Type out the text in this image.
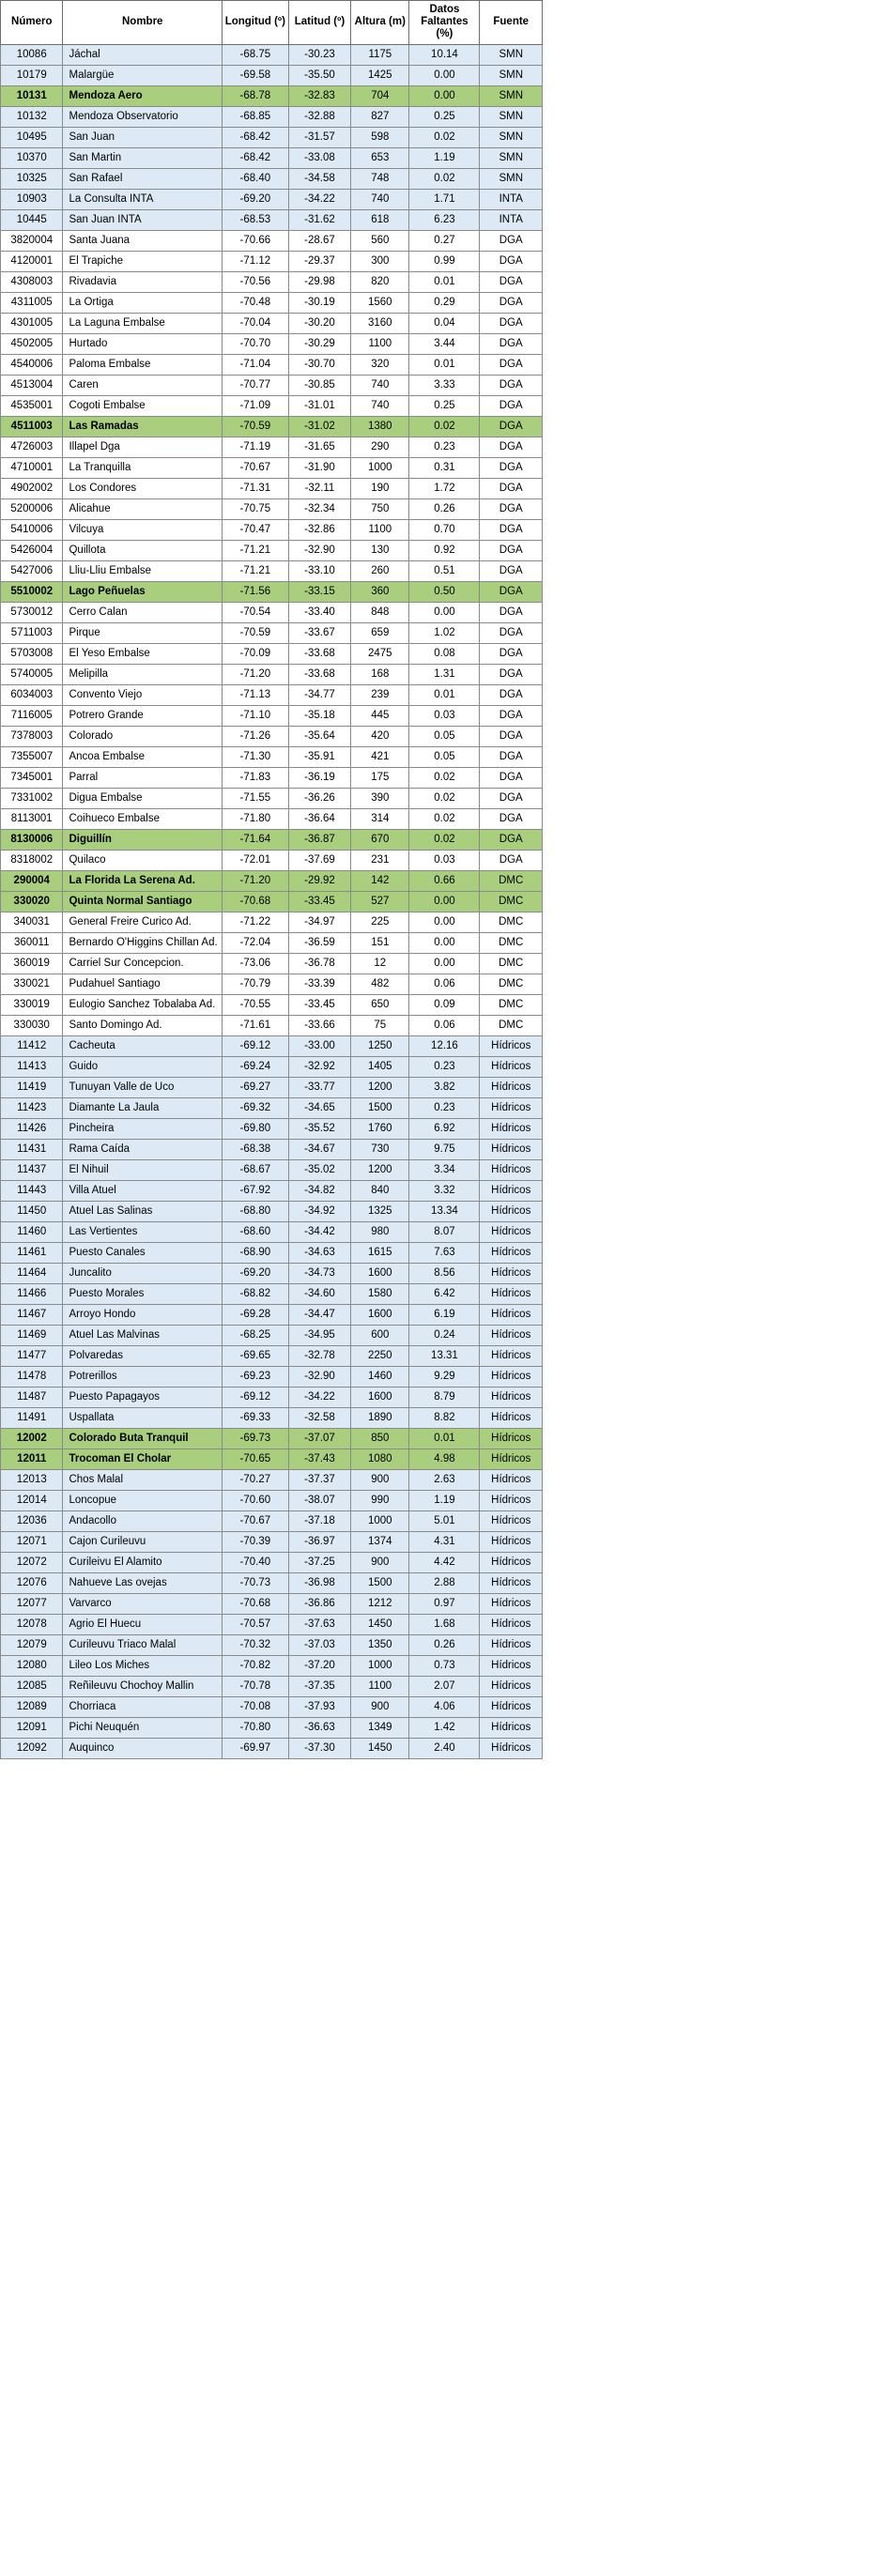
Número	Nombre	Longitud (º)	Latitud (º)	Altura (m)	Datos Faltantes (%)	Fuente
10086	Jáchal	-68.75	-30.23	1175	10.14	SMN
10179	Malargüe	-69.58	-35.50	1425	0.00	SMN
10131	Mendoza Aero	-68.78	-32.83	704	0.00	SMN
10132	Mendoza Observatorio	-68.85	-32.88	827	0.25	SMN
10495	San Juan	-68.42	-31.57	598	0.02	SMN
10370	San Martin	-68.42	-33.08	653	1.19	SMN
10325	San Rafael	-68.40	-34.58	748	0.02	SMN
10903	La Consulta INTA	-69.20	-34.22	740	1.71	INTA
10445	San Juan INTA	-68.53	-31.62	618	6.23	INTA
3820004	Santa Juana	-70.66	-28.67	560	0.27	DGA
4120001	El Trapiche	-71.12	-29.37	300	0.99	DGA
4308003	Rivadavia	-70.56	-29.98	820	0.01	DGA
4311005	La Ortiga	-70.48	-30.19	1560	0.29	DGA
4301005	La Laguna Embalse	-70.04	-30.20	3160	0.04	DGA
4502005	Hurtado	-70.70	-30.29	1100	3.44	DGA
4540006	Paloma Embalse	-71.04	-30.70	320	0.01	DGA
4513004	Caren	-70.77	-30.85	740	3.33	DGA
4535001	Cogoti Embalse	-71.09	-31.01	740	0.25	DGA
4511003	Las Ramadas	-70.59	-31.02	1380	0.02	DGA
4726003	Illapel Dga	-71.19	-31.65	290	0.23	DGA
4710001	La Tranquilla	-70.67	-31.90	1000	0.31	DGA
4902002	Los Condores	-71.31	-32.11	190	1.72	DGA
5200006	Alicahue	-70.75	-32.34	750	0.26	DGA
5410006	Vilcuya	-70.47	-32.86	1100	0.70	DGA
5426004	Quillota	-71.21	-32.90	130	0.92	DGA
5427006	Lliu-Lliu Embalse	-71.21	-33.10	260	0.51	DGA
5510002	Lago Peñuelas	-71.56	-33.15	360	0.50	DGA
5730012	Cerro Calan	-70.54	-33.40	848	0.00	DGA
5711003	Pirque	-70.59	-33.67	659	1.02	DGA
5703008	El Yeso Embalse	-70.09	-33.68	2475	0.08	DGA
5740005	Melipilla	-71.20	-33.68	168	1.31	DGA
6034003	Convento Viejo	-71.13	-34.77	239	0.01	DGA
7116005	Potrero Grande	-71.10	-35.18	445	0.03	DGA
7378003	Colorado	-71.26	-35.64	420	0.05	DGA
7355007	Ancoa Embalse	-71.30	-35.91	421	0.05	DGA
7345001	Parral	-71.83	-36.19	175	0.02	DGA
7331002	Digua Embalse	-71.55	-36.26	390	0.02	DGA
8113001	Coihueco Embalse	-71.80	-36.64	314	0.02	DGA
8130006	Diguillín	-71.64	-36.87	670	0.02	DGA
8318002	Quilaco	-72.01	-37.69	231	0.03	DGA
290004	La Florida La Serena Ad.	-71.20	-29.92	142	0.66	DMC
330020	Quinta Normal Santiago	-70.68	-33.45	527	0.00	DMC
340031	General Freire Curico Ad.	-71.22	-34.97	225	0.00	DMC
360011	Bernardo O'Higgins Chillan Ad.	-72.04	-36.59	151	0.00	DMC
360019	Carriel Sur Concepcion.	-73.06	-36.78	12	0.00	DMC
330021	Pudahuel Santiago	-70.79	-33.39	482	0.06	DMC
330019	Eulogio Sanchez Tobalaba Ad.	-70.55	-33.45	650	0.09	DMC
330030	Santo Domingo Ad.	-71.61	-33.66	75	0.06	DMC
11412	Cacheuta	-69.12	-33.00	1250	12.16	Hídricos
11413	Guido	-69.24	-32.92	1405	0.23	Hídricos
11419	Tunuyan Valle de Uco	-69.27	-33.77	1200	3.82	Hídricos
11423	Diamante La Jaula	-69.32	-34.65	1500	0.23	Hídricos
11426	Pincheira	-69.80	-35.52	1760	6.92	Hídricos
11431	Rama Caída	-68.38	-34.67	730	9.75	Hídricos
11437	El Nihuil	-68.67	-35.02	1200	3.34	Hídricos
11443	Villa Atuel	-67.92	-34.82	840	3.32	Hídricos
11450	Atuel Las Salinas	-68.80	-34.92	1325	13.34	Hídricos
11460	Las Vertientes	-68.60	-34.42	980	8.07	Hídricos
11461	Puesto Canales	-68.90	-34.63	1615	7.63	Hídricos
11464	Juncalito	-69.20	-34.73	1600	8.56	Hídricos
11466	Puesto Morales	-68.82	-34.60	1580	6.42	Hídricos
11467	Arroyo Hondo	-69.28	-34.47	1600	6.19	Hídricos
11469	Atuel Las Malvinas	-68.25	-34.95	600	0.24	Hídricos
11477	Polvaredas	-69.65	-32.78	2250	13.31	Hídricos
11478	Potrerillos	-69.23	-32.90	1460	9.29	Hídricos
11487	Puesto Papagayos	-69.12	-34.22	1600	8.79	Hídricos
11491	Uspallata	-69.33	-32.58	1890	8.82	Hídricos
12002	Colorado Buta Tranquil	-69.73	-37.07	850	0.01	Hídricos
12011	Trocoman El Cholar	-70.65	-37.43	1080	4.98	Hídricos
12013	Chos Malal	-70.27	-37.37	900	2.63	Hídricos
12014	Loncopue	-70.60	-38.07	990	1.19	Hídricos
12036	Andacollo	-70.67	-37.18	1000	5.01	Hídricos
12071	Cajon Curileuvu	-70.39	-36.97	1374	4.31	Hídricos
12072	Curileivu El Alamito	-70.40	-37.25	900	4.42	Hídricos
12076	Nahueve Las ovejas	-70.73	-36.98	1500	2.88	Hídricos
12077	Varvarco	-70.68	-36.86	1212	0.97	Hídricos
12078	Agrio El Huecu	-70.57	-37.63	1450	1.68	Hídricos
12079	Curileuvu Triaco Malal	-70.32	-37.03	1350	0.26	Hídricos
12080	Lileo Los Miches	-70.82	-37.20	1000	0.73	Hídricos
12085	Reñileuvu Chochoy Mallin	-70.78	-37.35	1100	2.07	Hídricos
12089	Chorriaca	-70.08	-37.93	900	4.06	Hídricos
12091	Pichi Neuquén	-70.80	-36.63	1349	1.42	Hídricos
12092	Auquinco	-69.97	-37.30	1450	2.40	Hídricos
